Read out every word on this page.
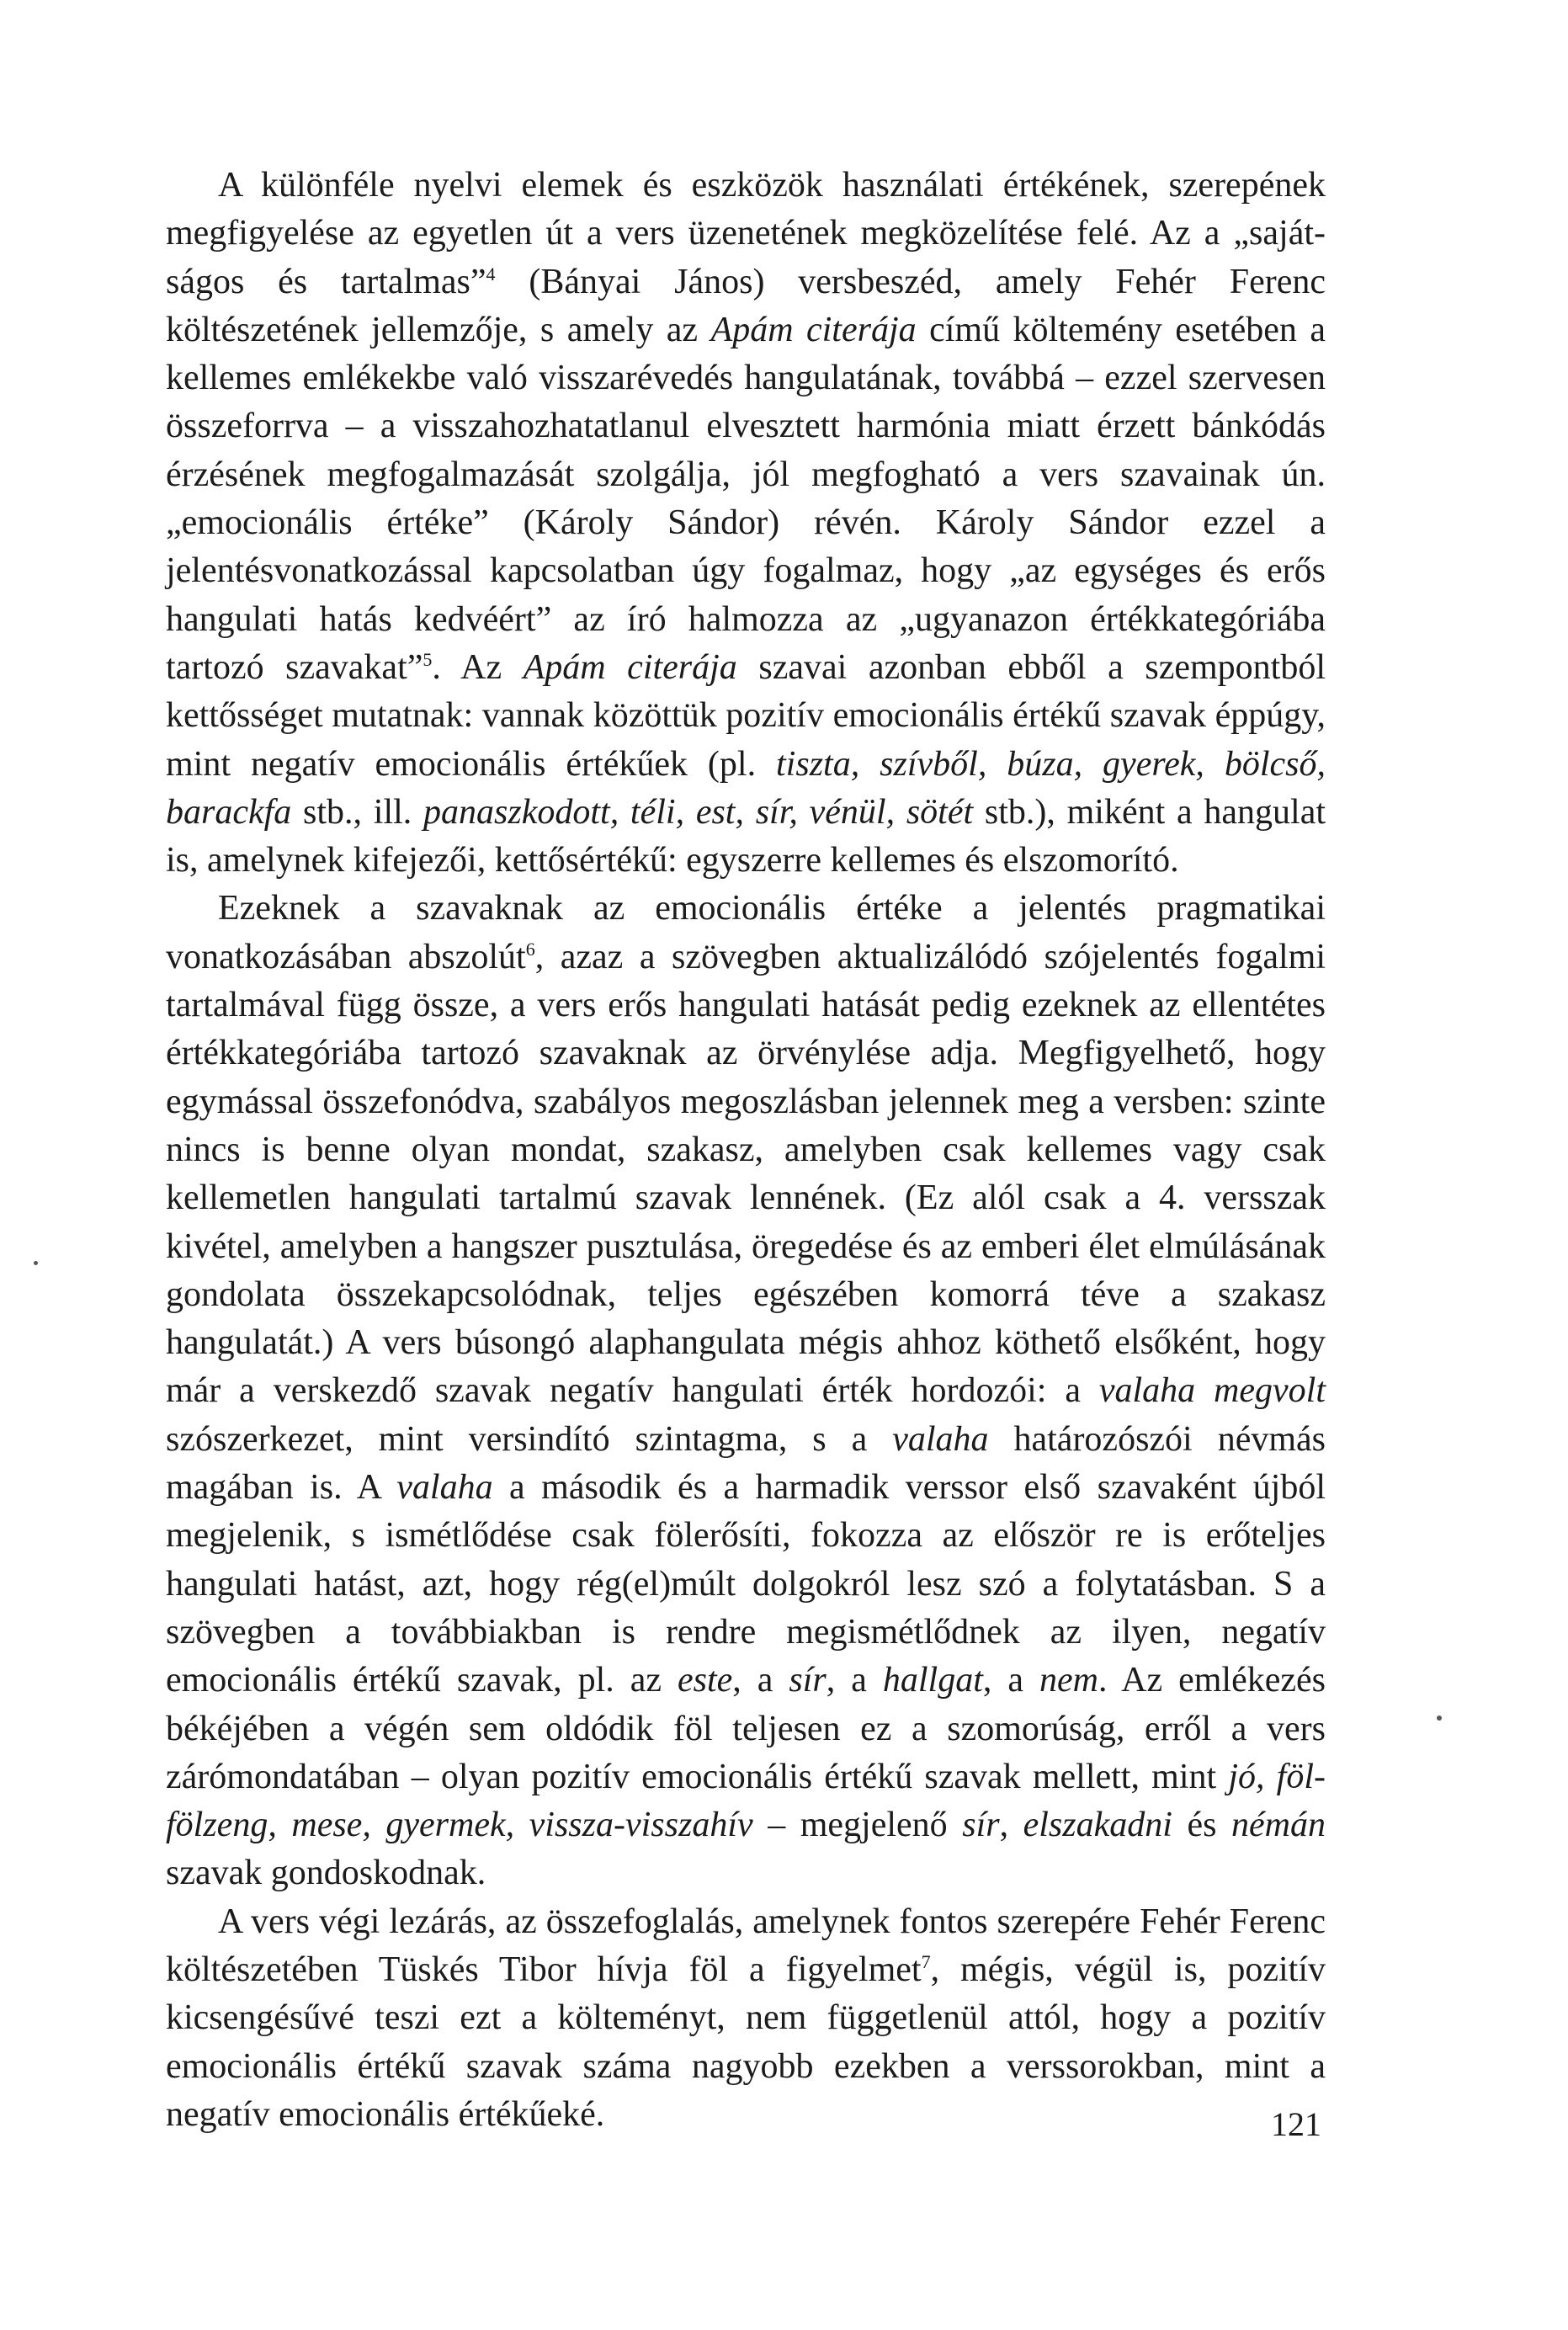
A különféle nyelvi elemek és eszközök használati értékének, szerepének megfigyelése az egyetlen út a vers üzenetének megközelítése felé. Az a „saját-ságos és tartalmas”$^4$ (Bányai János) versbeszéd, amely Fehér Ferenc költészetének jellemzője, s amely az Apám citerája című költemény esetében a kellemes emlékekbe való visszarévedés hangulatának, továbbá – ezzel szervesen összeforrva – a visszahozhatatlanul elvesztett harmónia miatt érzett bánkódás érzésének megfogalmazását szolgálja, jól megfogható a vers szavainak ún. „emocionális értéke” (Károly Sándor) révén. Károly Sándor ezzel a jelentésvonatkozással kapcsolatban úgy fogalmaz, hogy „az egységes és erős hangulati hatás kedvéért” az író halmozza az „ugyanazon értékkategóriába tartozó szavakat”$^5$. Az Apám citerája szavai azonban ebből a szempontból kettősséget mutatnak: vannak közöttük pozitív emocionális értékű szavak éppúgy, mint negatív emocionális értékűek (pl. tiszta, szívből, búza, gyerek, bölcső, barackfa stb., ill. panaszkodott, téli, est, sír, vénül, sötét stb.), miként a hangulat is, amelynek kifejezői, kettősértékű: egyszerre kellemes és elszomorító.

Ezeknek a szavaknak az emocionális értéke a jelentés pragmatikai vonatkozásában abszolút$^6$, azaz a szövegben aktualizálódó szójelentés fogalmi tartalmával függ össze, a vers erős hangulati hatását pedig ezeknek az ellentétes értékkategóriába tartozó szavaknak az örvénylése adja. Megfigyelhető, hogy egymással összefonódva, szabályos megoszlásban jelennek meg a versben: szinte nincs is benne olyan mondat, szakasz, amelyben csak kellemes vagy csak kellemetlen hangulati tartalmú szavak lennének. (Ez alól csak a 4. versszak kivétel, amelyben a hangszer pusztulása, öregedése és az emberi élet elmúlásának gondolata összekapcsolódnak, teljes egészében komorrá téve a szakasz hangulatát.) A vers búsongó alaphangulata mégis ahhoz köthető elsőként, hogy már a verskezdő szavak negatív hangulati érték hordozói: a valaha megvolt szószerkezet, mint versindító szintagma, s a valaha határozószói névmás magában is. A valaha a második és a harmadik verssor első szavaként újból megjelenik, s ismétlődése csak fölerősíti, fokozza az először re is erőteljes hangulati hatást, azt, hogy rég(el)múlt dolgokról lesz szó a folytatásban. S a szövegben a továbbiakban is rendre megismétlődnek az ilyen, negatív emocionális értékű szavak, pl. az este, a sír, a hallgat, a nem. Az emlékezés békéjében a végén sem oldódik föl teljesen ez a szomorúság, erről a vers zárómondatában – olyan pozitív emocionális értékű szavak mellett, mint jó, föl-fölzeng, mese, gyermek, vissza-visszahív – megjelenő sír, elszakadni és némán szavak gondoskodnak.

A vers végi lezárás, az összefoglalás, amelynek fontos szerepére Fehér Ferenc költészetében Tüskés Tibor hívja föl a figyelmet$^7$, mégis, végül is, pozitív kicsengésűvé teszi ezt a költeményt, nem függetlenül attól, hogy a pozitív emocionális értékű szavak száma nagyobb ezekben a verssorokban, mint a negatív emocionális értékűeké.	121
